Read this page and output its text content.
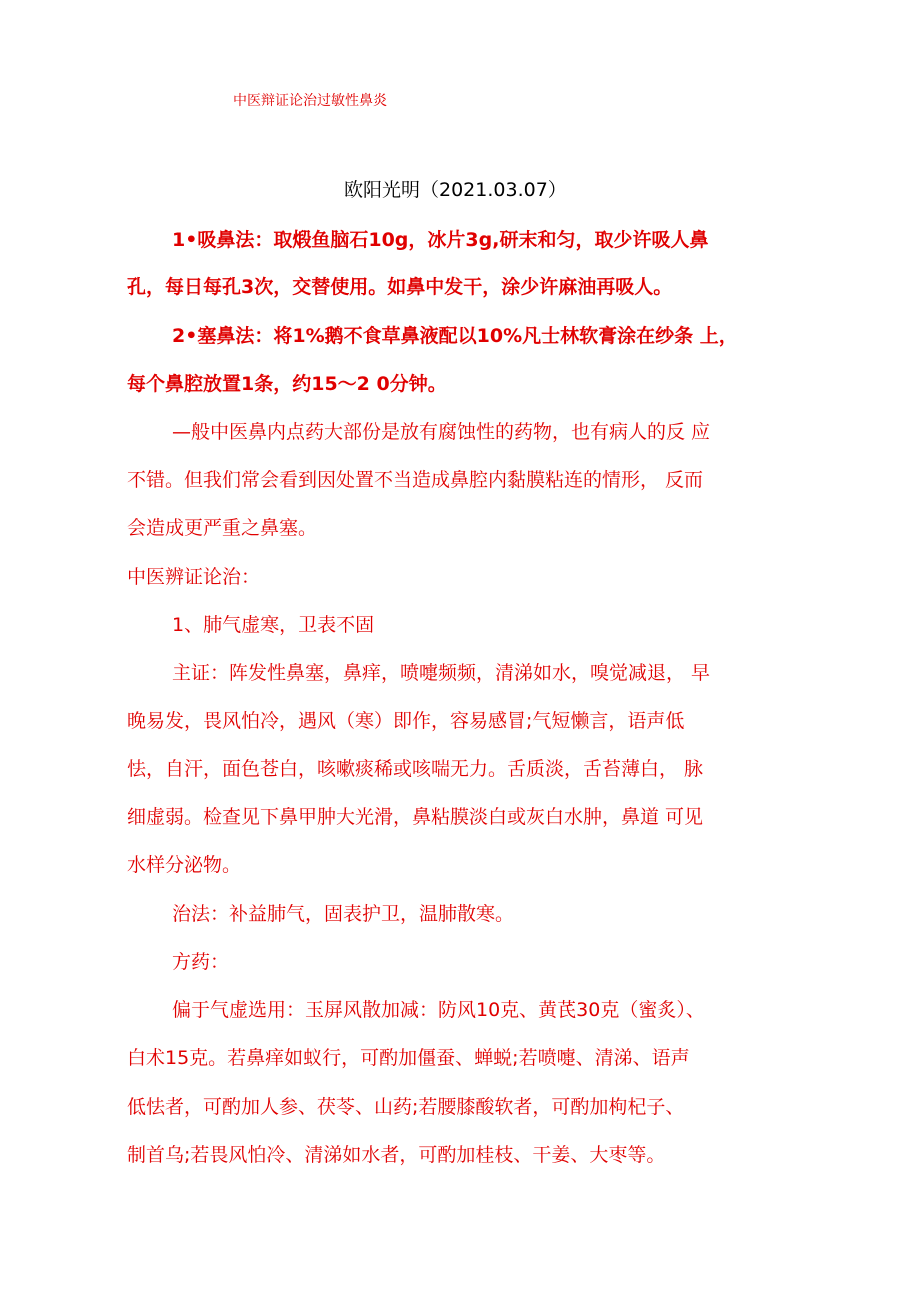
中医辩证论治过敏性鼻炎
欧阳光明（2021.03.07）
1•吸鼻法：取煅鱼脑石10g，冰片3g,研末和匀，取少许吸人鼻
孔，每日每孔3次，交替使用。如鼻中发干，涂少许麻油再吸人。
2•塞鼻法：将1%鹅不食草鼻液配以10%凡士林软膏涂在纱条 上，
每个鼻腔放置1条，约15〜2 0分钟。
—般中医鼻内点药大部份是放有腐蚀性的药物，也有病人的反 应
不错。但我们常会看到因处置不当造成鼻腔内黏膜粘连的情形， 反而
会造成更严重之鼻塞。
中医辨证论治：
1、肺气虚寒，卫表不固
主证：阵发性鼻塞，鼻痒，喷嚏频频，清涕如水，嗅觉减退， 早
晚易发，畏风怕冷，遇风（寒）即作，容易感冒;气短懒言，语声低
怯，自汗，面色苍白，咳嗽痰稀或咳喘无力。舌质淡，舌苔薄白， 脉
细虚弱。检查见下鼻甲肿大光滑，鼻粘膜淡白或灰白水肿，鼻道 可见
水样分泌物。
治法：补益肺气，固表护卫，温肺散寒。
方药：
偏于气虚选用：玉屏风散加减：防风10克、黄芪30克（蜜炙）、
白术15克。若鼻痒如蚁行，可酌加僵蚕、蝉蜕;若喷嚏、清涕、语声
低怯者，可酌加人参、茯苓、山药;若腰膝酸软者，可酌加枸杞子、
制首乌;若畏风怕冷、清涕如水者，可酌加桂枝、干姜、大枣等。
